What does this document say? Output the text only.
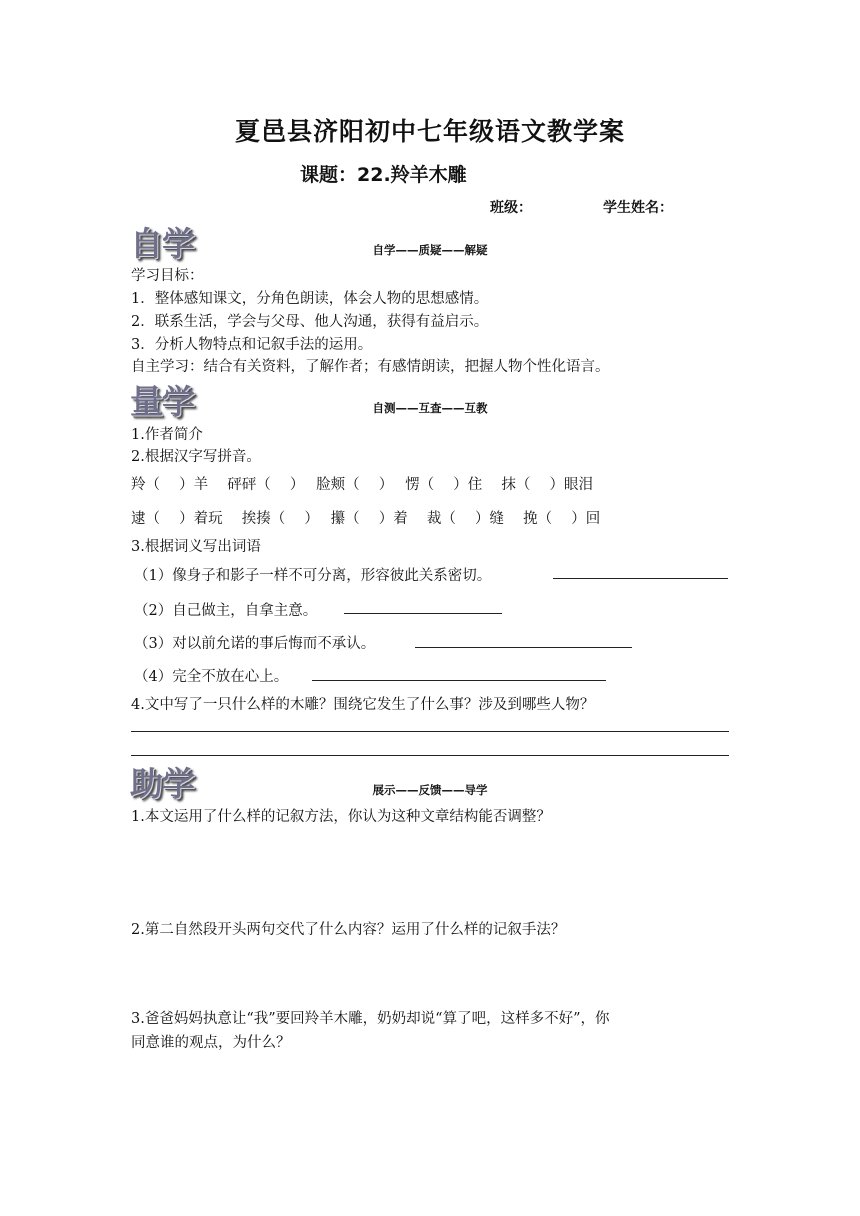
夏邑县济阳初中七年级语文教学案
课题：22.羚羊木雕
班级：	学生姓名：
自学	自学——质疑——解疑
学习目标：
1．整体感知课文，分角色朗读，体会人物的思想感情。
2．联系生活，学会与父母、他人沟通，获得有益启示。
3．分析人物特点和记叙手法的运用。
自主学习：结合有关资料，了解作者；有感情朗读，把握人物个性化语言。
量学	自测——互查——互教
1.作者简介
2.根据汉字写拼音。
羚（　 ）羊　 砰砰（　 ）　 脸颊（　 ）　 愣（　 ）住　 抹（　 ）眼泪
逮（　 ）着玩　 挨揍（　 ）　 攥（　 ）着　 裁（　 ）缝　 挽（　 ）回
3.根据词义写出词语
（1）像身子和影子一样不可分离，形容彼此关系密切。
（2）自己做主，自拿主意。
（3）对以前允诺的事后悔而不承认。
（4）完全不放在心上。
4.文中写了一只什么样的木雕？围绕它发生了什么事？涉及到哪些人物？
助学	展示——反馈——导学
1.本文运用了什么样的记叙方法，你认为这种文章结构能否调整？
2.第二自然段开头两句交代了什么内容？运用了什么样的记叙手法？
3.爸爸妈妈执意让“我”要回羚羊木雕，奶奶却说“算了吧，这样多不好”，你
同意谁的观点，为什么？
